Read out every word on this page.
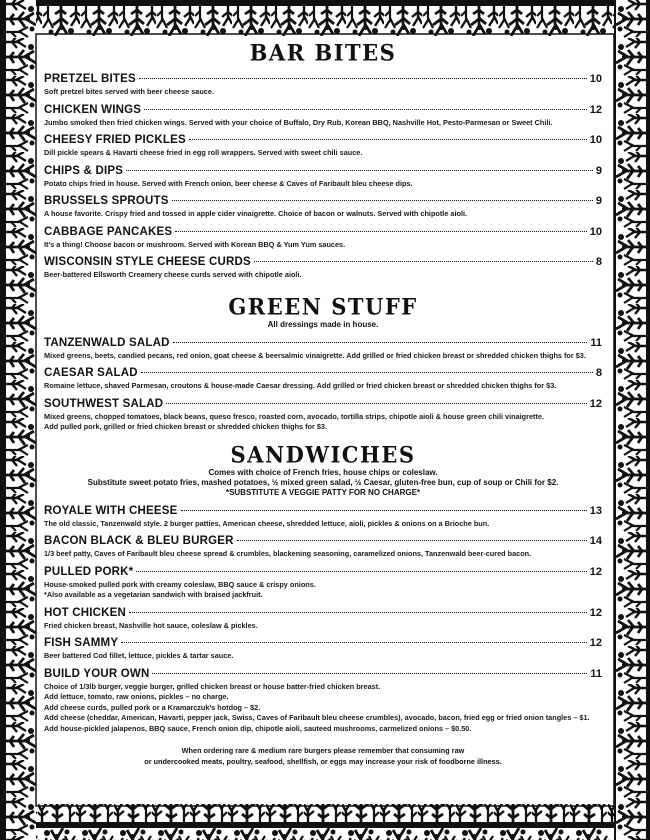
BAR BITES
PRETZEL BITES	10
Soft pretzel bites served with beer cheese sauce.
CHICKEN WINGS	12
Jumbo smoked then fried chicken wings. Served with your choice of Buffalo, Dry Rub, Korean BBQ, Nashville Hot, Pesto-Parmesan or Sweet Chili.
CHEESY FRIED PICKLES	10
Dill pickle spears & Havarti cheese fried in egg roll wrappers. Served with sweet chili sauce.
CHIPS & DIPS	9
Potato chips fried in house. Served with French onion, beer cheese & Caves of Faribault bleu cheese dips.
BRUSSELS SPROUTS	9
A house favorite. Crispy fried and tossed in apple cider vinaigrette. Choice of bacon or walnuts. Served with chipotle aioli.
CABBAGE PANCAKES	10
It's a thing! Choose bacon or mushroom. Served with Korean BBQ & Yum Yum sauces.
WISCONSIN STYLE CHEESE CURDS	8
Beer-battered Ellsworth Creamery cheese curds served with chipotle aioli.
GREEN STUFF
All dressings made in house.
TANZENWALD SALAD	11
Mixed greens, beets, candied pecans, red onion, goat cheese & beersalmic vinaigrette. Add grilled or fried chicken breast or shredded chicken thighs for $3.
CAESAR SALAD	8
Romaine lettuce, shaved Parmesan, croutons & house-made Caesar dressing. Add grilled or fried chicken breast or shredded chicken thighs for $3.
SOUTHWEST SALAD	12
Mixed greens, chopped tomatoes, black beans, queso fresco, roasted corn, avocado, tortilla strips, chipotle aioli & house green chili vinaigrette.
Add pulled pork, grilled or fried chicken breast or shredded chicken thighs for $3.
SANDWICHES
Comes with choice of French fries, house chips or coleslaw.
Substitute sweet potato fries, mashed potatoes, ½ mixed green salad, ½ Caesar, gluten-free bun, cup of soup or Chili for $2.
*SUBSTITUTE A VEGGIE PATTY FOR NO CHARGE*
ROYALE WITH CHEESE	13
The old classic, Tanzenwald style. 2 burger patties, American cheese, shredded lettuce, aioli, pickles & onions on a Brioche bun.
BACON BLACK & BLEU BURGER	14
1/3 beef patty, Caves of Faribault bleu cheese spread & crumbles, blackening seasoning, caramelized onions, Tanzenwald beer-cured bacon.
PULLED PORK*	12
House-smoked pulled pork with creamy coleslaw, BBQ sauce & crispy onions.
*Also available as a vegetarian sandwich with braised jackfruit.
HOT CHICKEN	12
Fried chicken breast, Nashville hot sauce, coleslaw & pickles.
FISH SAMMY	12
Beer battered Cod fillet, lettuce, pickles & tartar sauce.
BUILD YOUR OWN	11
Choice of 1/3lb burger, veggie burger, grilled chicken breast or house batter-fried chicken breast.
Add lettuce, tomato, raw onions, pickles – no charge.
Add cheese curds, pulled pork or a Kramarczuk's hotdog – $2.
Add cheese (cheddar, American, Havarti, pepper jack, Swiss, Caves of Faribault bleu cheese crumbles), avocado, bacon, fried egg or fried onion tangles – $1.
Add house-pickled jalapenos, BBQ sauce, French onion dip, chipotle aioli, sauteed mushrooms, carmelized onions – $0.50.
When ordering rare & medium rare burgers please remember that consuming raw
or undercooked meats, poultry, seafood, shellfish, or eggs may increase your risk of foodborne illness.
